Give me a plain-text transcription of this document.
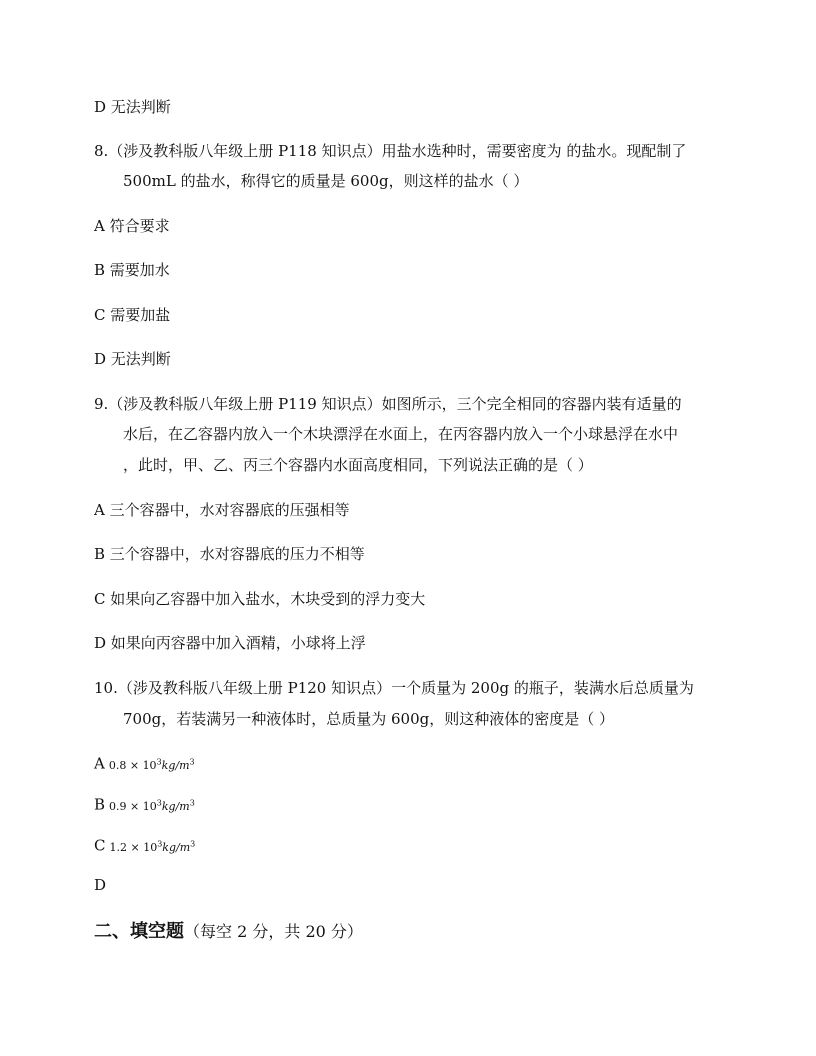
D 无法判断
8.（涉及教科版八年级上册 P118 知识点）用盐水选种时，需要密度为 的盐水。现配制了
500mL 的盐水，称得它的质量是 600g，则这样的盐水（ ）
A 符合要求
B 需要加水
C 需要加盐
D 无法判断
9.（涉及教科版八年级上册 P119 知识点）如图所示，三个完全相同的容器内装有适量的
水后，在乙容器内放入一个木块漂浮在水面上，在丙容器内放入一个小球悬浮在水中
，此时，甲、乙、丙三个容器内水面高度相同，下列说法正确的是（ ）
A 三个容器中，水对容器底的压强相等
B 三个容器中，水对容器底的压力不相等
C 如果向乙容器中加入盐水，木块受到的浮力变大
D 如果向丙容器中加入酒精，小球将上浮
10.（涉及教科版八年级上册 P120 知识点）一个质量为 200g 的瓶子，装满水后总质量为
700g，若装满另一种液体时，总质量为 600g，则这种液体的密度是（ ）
A $0.8 \times 10^3kg/m^3$
B $0.9 \times 10^3kg/m^3$
C $1.2 \times 10^3kg/m^3$
D
二、填空题（每空 2 分，共 20 分）
